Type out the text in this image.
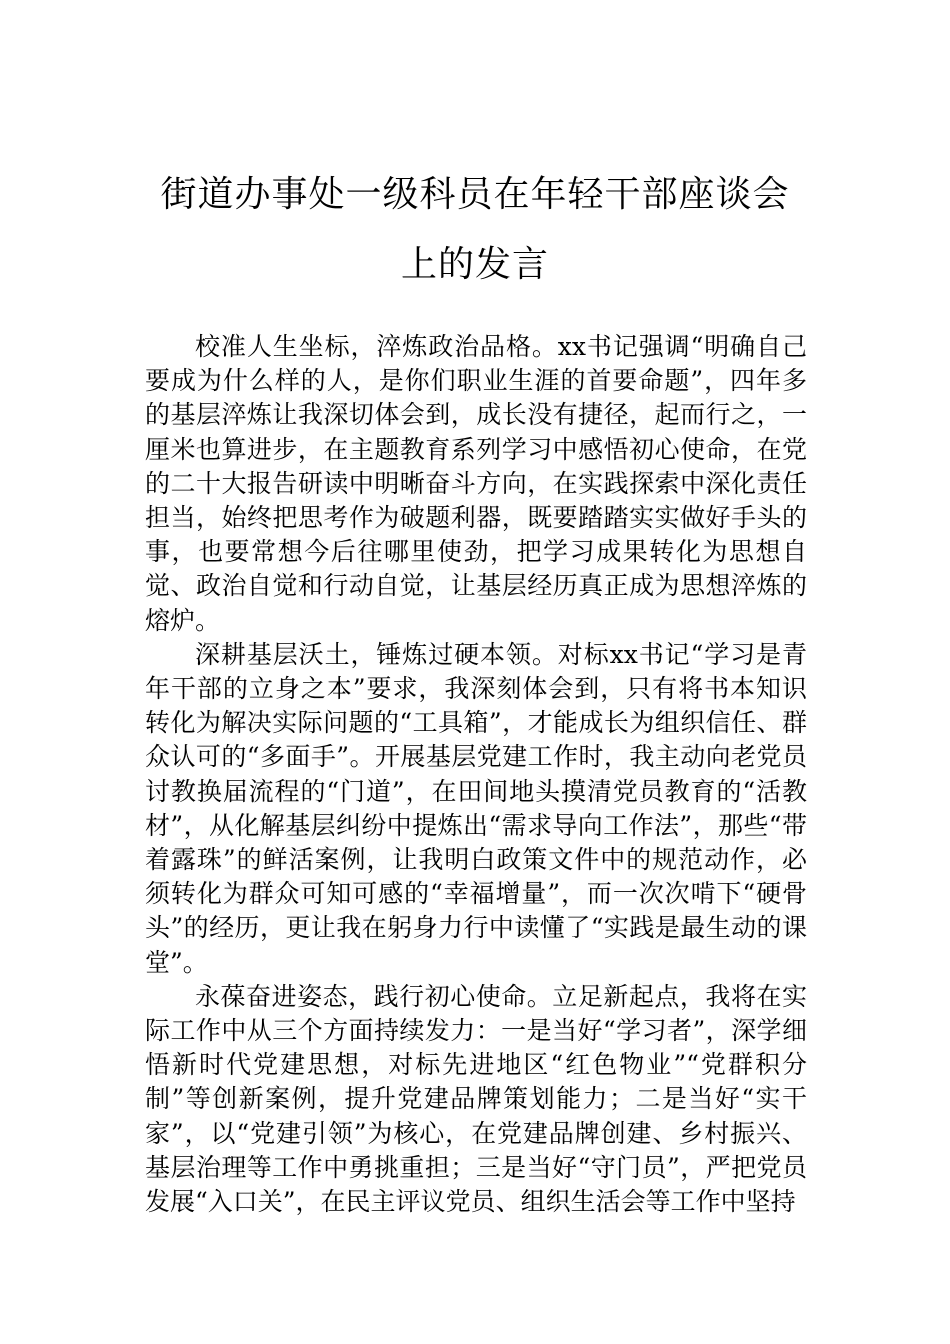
街道办事处一级科员在年轻干部座谈会上的发言

校准人生坐标，淬炼政治品格。xx书记强调“明确自己要成为什么样的人，是你们职业生涯的首要命题”，四年多的基层淬炼让我深切体会到，成长没有捷径，起而行之，一厘米也算进步，在主题教育系列学习中感悟初心使命，在党的二十大报告研读中明晰奋斗方向，在实践探索中深化责任担当，始终把思考作为破题利器，既要踏踏实实做好手头的事，也要常想今后往哪里使劲，把学习成果转化为思想自觉、政治自觉和行动自觉，让基层经历真正成为思想淬炼的熔炉。

深耕基层沃土，锤炼过硬本领。对标xx书记“学习是青年干部的立身之本”要求，我深刻体会到，只有将书本知识转化为解决实际问题的“工具箱”，才能成长为组织信任、群众认可的“多面手”。开展基层党建工作时，我主动向老党员讨教换届流程的“门道”，在田间地头摸清党员教育的“活教材”，从化解基层纠纷中提炼出“需求导向工作法”，那些“带着露珠”的鲜活案例，让我明白政策文件中的规范动作，必须转化为群众可知可感的“幸福增量”，而一次次啃下“硬骨头”的经历，更让我在躬身力行中读懂了“实践是最生动的课堂”。

永葆奋进姿态，践行初心使命。立足新起点，我将在实际工作中从三个方面持续发力：一是当好“学习者”，深学细悟新时代党建思想，对标先进地区“红色物业”“党群积分制”等创新案例，提升党建品牌策划能力；二是当好“实干家”，以“党建引领”为核心，在党建品牌创建、乡村振兴、基层治理等工作中勇挑重担；三是当好“守门员”，严把党员发展“入口关”，在民主评议党员、组织生活会等工作中坚持
